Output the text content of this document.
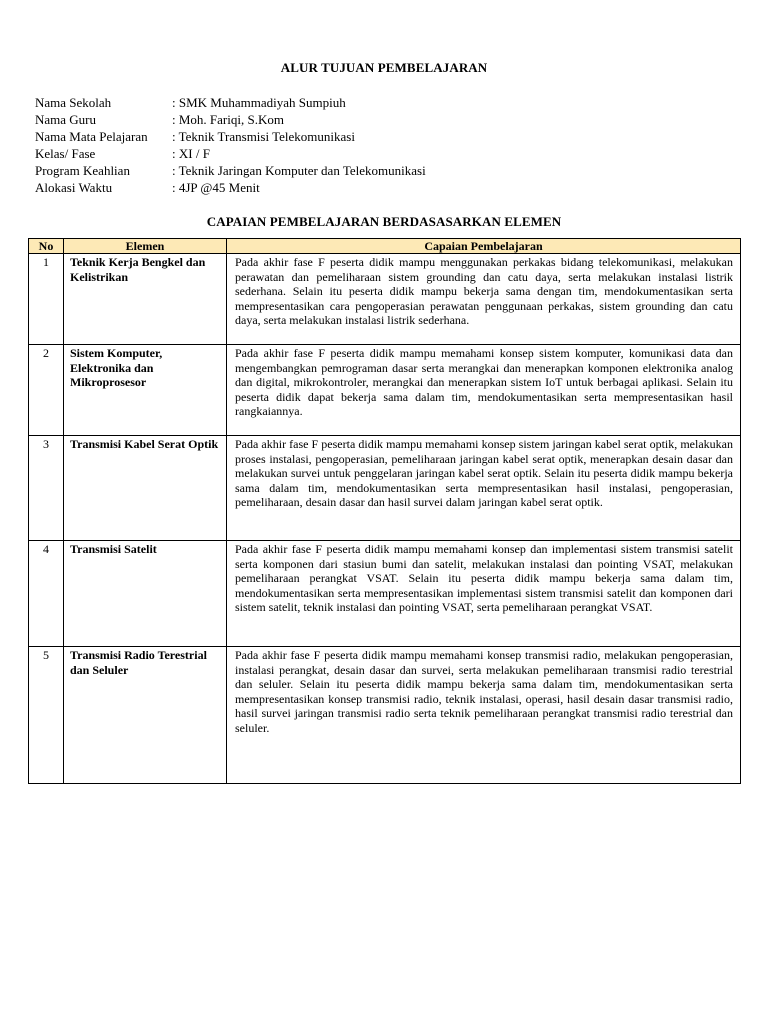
ALUR TUJUAN PEMBELAJARAN
Nama Sekolah	: SMK Muhammadiyah Sumpiuh
Nama Guru	: Moh. Fariqi, S.Kom
Nama Mata Pelajaran	: Teknik Transmisi Telekomunikasi
Kelas/ Fase	: XI / F
Program Keahlian	: Teknik Jaringan Komputer dan Telekomunikasi
Alokasi Waktu	: 4JP @45 Menit
CAPAIAN PEMBELAJARAN BERDASASARKAN ELEMEN
No	Elemen	Capaian Pembelajaran
1	Teknik Kerja Bengkel dan Kelistrikan	Pada akhir fase F peserta didik mampu menggunakan perkakas bidang telekomunikasi, melakukan perawatan dan pemeliharaan sistem grounding dan catu daya, serta melakukan instalasi listrik sederhana. Selain itu peserta didik mampu bekerja sama dengan tim, mendokumentasikan serta mempresentasikan cara pengoperasian perawatan penggunaan perkakas, sistem grounding dan catu daya, serta melakukan instalasi listrik sederhana.
2	Sistem Komputer, Elektronika dan Mikroprosesor	Pada akhir fase F peserta didik mampu memahami konsep sistem komputer, komunikasi data dan mengembangkan pemrograman dasar serta merangkai dan menerapkan komponen elektronika analog dan digital, mikrokontroler, merangkai dan menerapkan sistem IoT untuk berbagai aplikasi. Selain itu peserta didik dapat bekerja sama dalam tim, mendokumentasikan serta mempresentasikan hasil rangkaiannya.
3	Transmisi Kabel Serat Optik	Pada akhir fase F peserta didik mampu memahami konsep sistem jaringan kabel serat optik, melakukan proses instalasi, pengoperasian, pemeliharaan jaringan kabel serat optik, menerapkan desain dasar dan melakukan survei untuk penggelaran jaringan kabel serat optik. Selain itu peserta didik mampu bekerja sama dalam tim, mendokumentasikan serta mempresentasikan hasil instalasi, pengoperasian, pemeliharaan, desain dasar dan hasil survei dalam jaringan kabel serat optik.
4	Transmisi Satelit	Pada akhir fase F peserta didik mampu memahami konsep dan implementasi sistem transmisi satelit serta komponen dari stasiun bumi dan satelit, melakukan instalasi dan pointing VSAT, melakukan pemeliharaan perangkat VSAT. Selain itu peserta didik mampu bekerja sama dalam tim, mendokumentasikan serta mempresentasikan implementasi sistem transmisi satelit dan komponen dari sistem satelit, teknik instalasi dan pointing VSAT, serta pemeliharaan perangkat VSAT.
5	Transmisi Radio Terestrial dan Seluler	Pada akhir fase F peserta didik mampu memahami konsep transmisi radio, melakukan pengoperasian, instalasi perangkat, desain dasar dan survei, serta melakukan pemeliharaan transmisi radio terestrial dan seluler. Selain itu peserta didik mampu bekerja sama dalam tim, mendokumentasikan serta mempresentasikan konsep transmisi radio, teknik instalasi, operasi, hasil desain dasar transmisi radio, hasil survei jaringan transmisi radio serta teknik pemeliharaan perangkat transmisi radio terestrial dan seluler.
